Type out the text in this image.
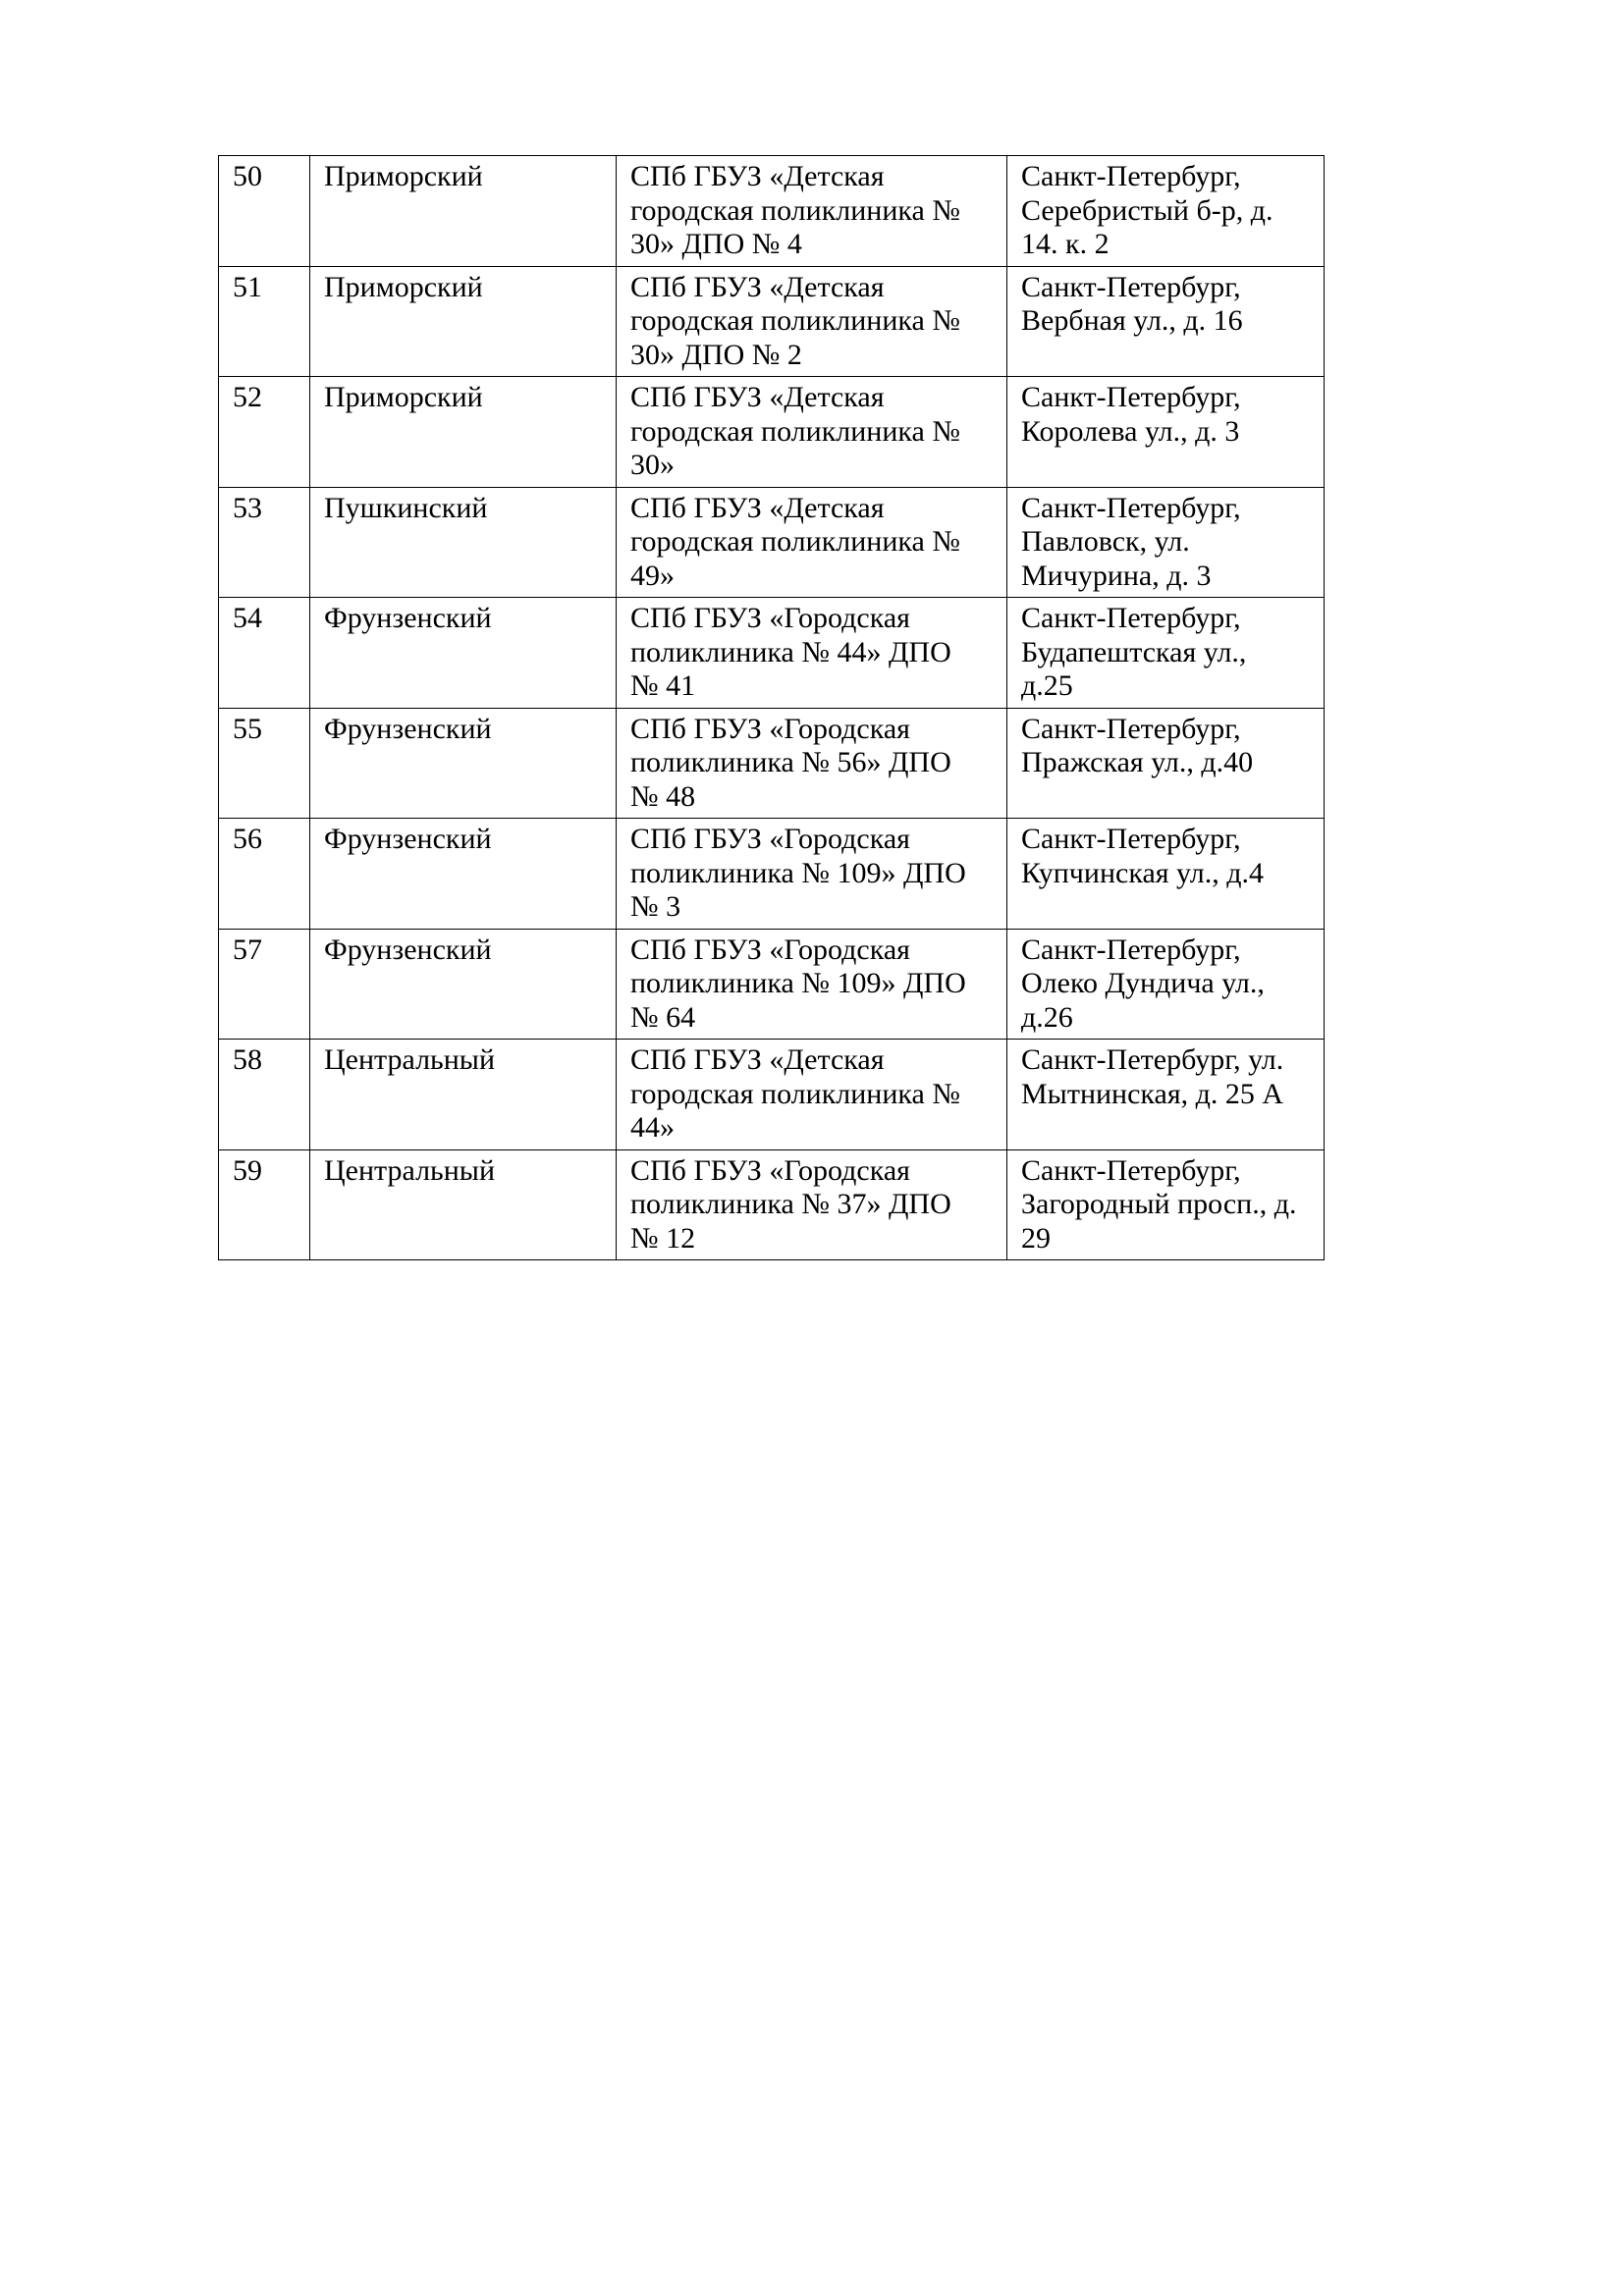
50	Приморский	СПб ГБУЗ «Детская
городская поликлиника №
30» ДПО № 4	Санкт-Петербург,
Серебристый б-р, д.
14. к. 2

51	Приморский	СПб ГБУЗ «Детская
городская поликлиника №
30» ДПО № 2	Санкт-Петербург,
Вербная ул., д. 16

52	Приморский	СПб ГБУЗ «Детская
городская поликлиника №
30»	Санкт-Петербург,
Королева ул., д. 3

53	Пушкинский	СПб ГБУЗ «Детская
городская поликлиника №
49»	Санкт-Петербург,
Павловск, ул.
Мичурина, д. 3

54	Фрунзенский	СПб ГБУЗ «Городская
поликлиника № 44» ДПО
№ 41	Санкт-Петербург,
Будапештская ул.,
д.25

55	Фрунзенский	СПб ГБУЗ «Городская
поликлиника № 56» ДПО
№ 48	Санкт-Петербург,
Пражская ул., д.40

56	Фрунзенский	СПб ГБУЗ «Городская
поликлиника № 109» ДПО
№ 3	Санкт-Петербург,
Купчинская ул., д.4

57	Фрунзенский	СПб ГБУЗ «Городская
поликлиника № 109» ДПО
№ 64	Санкт-Петербург,
Олеко Дундича ул.,
д.26

58	Центральный	СПб ГБУЗ «Детская
городская поликлиника №
44»	Санкт-Петербург, ул.
Мытнинская, д. 25 А

59	Центральный	СПб ГБУЗ «Городская
поликлиника № 37» ДПО
№ 12	Санкт-Петербург,
Загородный просп., д.
29
